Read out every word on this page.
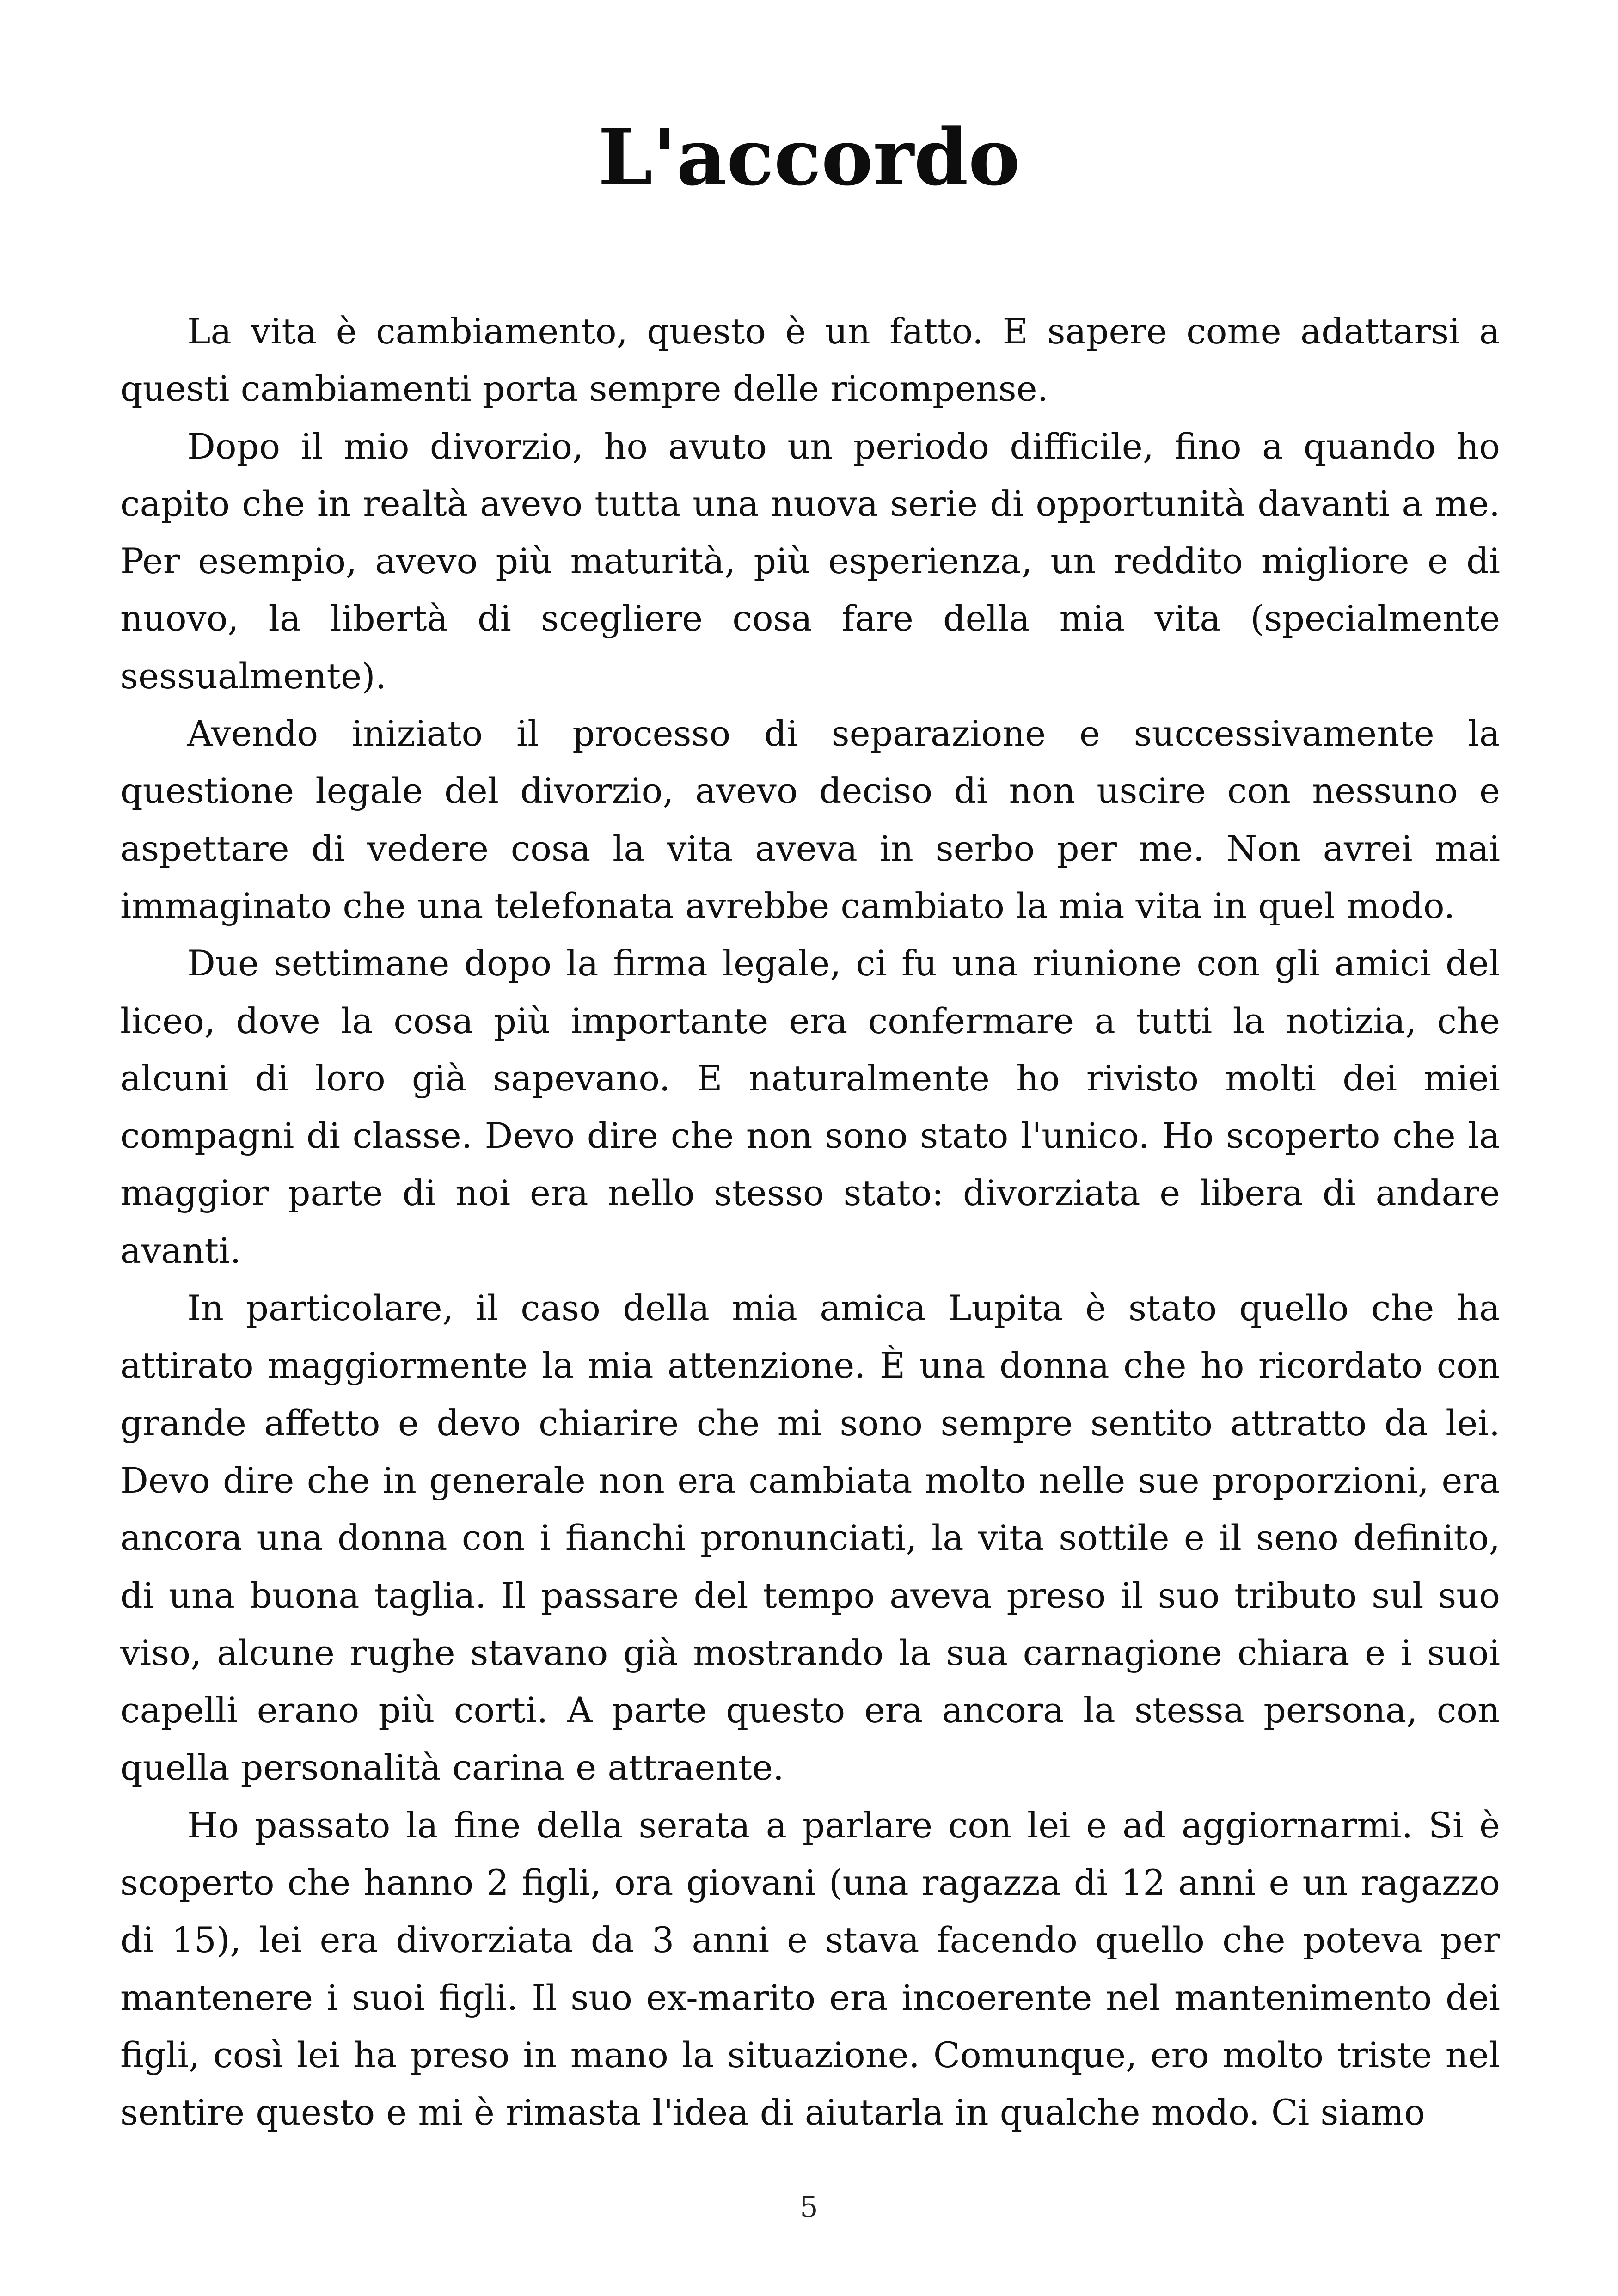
L'accordo

La vita è cambiamento, questo è un fatto. E sapere come adattarsi a questi cambiamenti porta sempre delle ricompense.

Dopo il mio divorzio, ho avuto un periodo difficile, fino a quando ho capito che in realtà avevo tutta una nuova serie di opportunità davanti a me. Per esempio, avevo più maturità, più esperienza, un reddito migliore e di nuovo, la libertà di scegliere cosa fare della mia vita (specialmente sessualmente).

Avendo iniziato il processo di separazione e successivamente la questione legale del divorzio, avevo deciso di non uscire con nessuno e aspettare di vedere cosa la vita aveva in serbo per me. Non avrei mai immaginato che una telefonata avrebbe cambiato la mia vita in quel modo.

Due settimane dopo la firma legale, ci fu una riunione con gli amici del liceo, dove la cosa più importante era confermare a tutti la notizia, che alcuni di loro già sapevano. E naturalmente ho rivisto molti dei miei compagni di classe. Devo dire che non sono stato l'unico. Ho scoperto che la maggior parte di noi era nello stesso stato: divorziata e libera di andare avanti.

In particolare, il caso della mia amica Lupita è stato quello che ha attirato maggiormente la mia attenzione. È una donna che ho ricordato con grande affetto e devo chiarire che mi sono sempre sentito attratto da lei. Devo dire che in generale non era cambiata molto nelle sue proporzioni, era ancora una donna con i fianchi pronunciati, la vita sottile e il seno definito, di una buona taglia. Il passare del tempo aveva preso il suo tributo sul suo viso, alcune rughe stavano già mostrando la sua carnagione chiara e i suoi capelli erano più corti. A parte questo era ancora la stessa persona, con quella personalità carina e attraente.

Ho passato la fine della serata a parlare con lei e ad aggiornarmi. Si è scoperto che hanno 2 figli, ora giovani (una ragazza di 12 anni e un ragazzo di 15), lei era divorziata da 3 anni e stava facendo quello che poteva per mantenere i suoi figli. Il suo ex-marito era incoerente nel mantenimento dei figli, così lei ha preso in mano la situazione. Comunque, ero molto triste nel sentire questo e mi è rimasta l'idea di aiutarla in qualche modo. Ci siamo

5
